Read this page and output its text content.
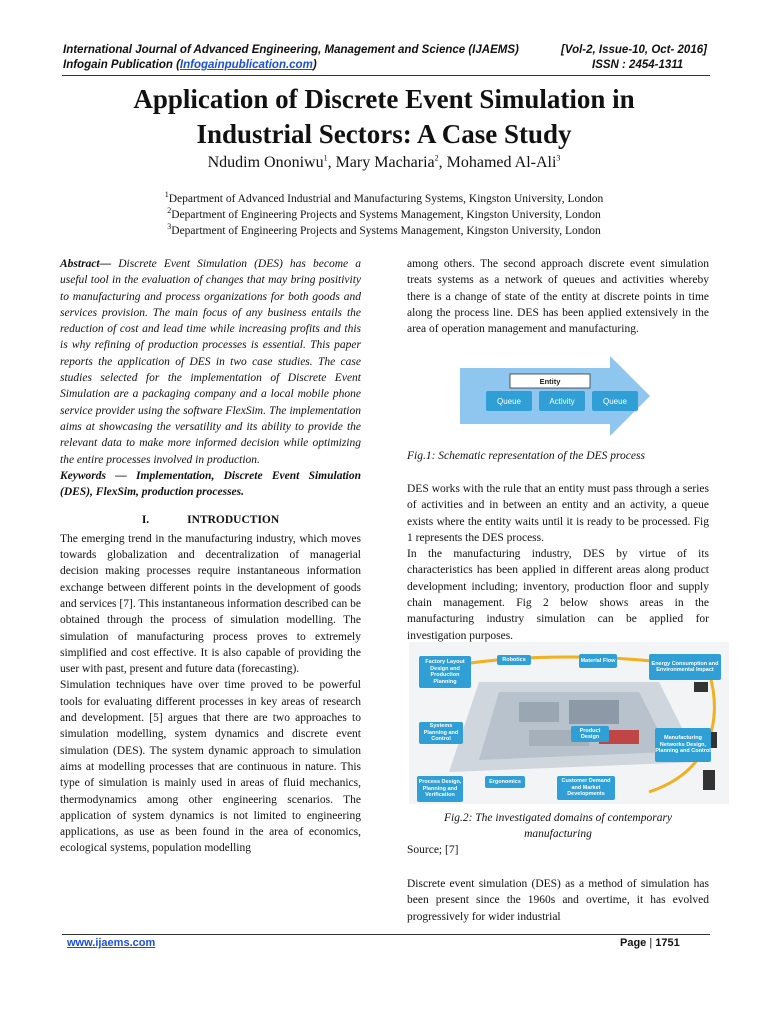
International Journal of Advanced Engineering, Management and Science (IJAEMS)	[Vol-2, Issue-10, Oct- 2016]
Infogain Publication (Infogainpublication.com)	ISSN : 2454-1311
Application of Discrete Event Simulation in
Industrial Sectors: A Case Study
Ndudim Ononiwu$^1$, Mary Macharia$^2$, Mohamed Al-Ali$^3$
$^1$Department of Advanced Industrial and Manufacturing Systems, Kingston University, London
$^2$Department of Engineering Projects and Systems Management, Kingston University, London
$^3$Department of Engineering Projects and Systems Management, Kingston University, London

Abstract— Discrete Event Simulation (DES) has become a useful tool in the evaluation of changes that may bring positivity to manufacturing and process organizations for both goods and services provision. The main focus of any business entails the reduction of cost and lead time while increasing profits and this is why refining of production processes is essential. This paper reports the application of DES in two case studies. The case studies selected for the implementation of Discrete Event Simulation are a packaging company and a local mobile phone service provider using the software FlexSim. The implementation aims at showcasing the versatility and its ability to provide the relevant data to make more informed decision while optimizing the entire processes involved in production.

Keywords — Implementation, Discrete Event Simulation (DES), FlexSim, production processes.

I.	INTRODUCTION

The emerging trend in the manufacturing industry, which moves towards globalization and decentralization of managerial decision making processes require instantaneous information exchange between different points in the development of goods and services [7]. This instantaneous information described can be obtained through the process of simulation modelling. The simulation of manufacturing process proves to extremely simplified and cost effective. It is also capable of providing the user with past, present and future data (forecasting).

Simulation techniques have over time proved to be powerful tools for evaluating different processes in key areas of research and development. [5] argues that there are two approaches to simulation modelling, system dynamics and discrete event simulation (DES). The system dynamic approach to simulation aims at modelling processes that are continuous in nature. This type of simulation is mainly used in areas of fluid mechanics, thermodynamics among other engineering scenarios. The application of system dynamics is not limited to engineering applications, as use as been found in the area of economics, ecological systems, population modelling

among others. The second approach discrete event simulation treats systems as a network of queues and activities whereby there is a change of state of the entity at discrete points in time along the process line. DES has been applied extensively in the area of operation management and manufacturing.

Entity
Queue	Activity	Queue
Fig.1: Schematic representation of the DES process

DES works with the rule that an entity must pass through a series of activities and in between an entity and an activity, a queue exists where the entity waits until it is ready to be processed. Fig 1 represents the DES process.

In the manufacturing industry, DES by virtue of its characteristics has been applied in different areas along product development including; inventory, production floor and supply chain management. Fig 2 below shows areas in the manufacturing industry simulation can be applied for investigation purposes.

Factory Layout Design and Production Planning
Robotics	Material Flow	Energy Consumption and Environmental Impact
Systems Planning and Control
Product Design	Manufacturing Networks Design, Planning and Control
Process Design, Planning and Verification
Ergonomics	Customer Demand and Market Developments
Fig.2: The investigated domains of contemporary
manufacturing
Source; [7]

Discrete event simulation (DES) as a method of simulation has been present since the 1960s and overtime, it has evolved progressively for wider industrial

www.ijaems.com	Page | 1751
